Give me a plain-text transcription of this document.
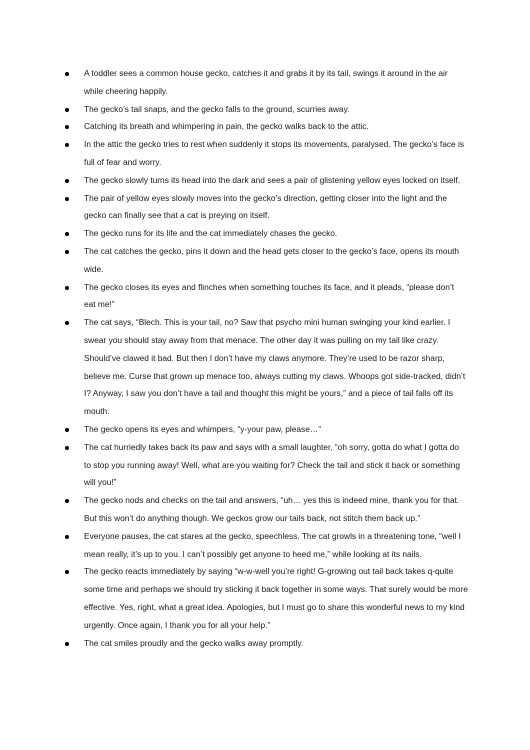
A toddler sees a common house gecko, catches it and grabs it by its tail, swings it around in the air while cheering happily.
The gecko’s tail snaps, and the gecko falls to the ground, scurries away.
Catching its breath and whimpering in pain, the gecko walks back to the attic.
In the attic the gecko tries to rest when suddenly it stops its movements, paralysed. The gecko’s face is full of fear and worry.
The gecko slowly turns its head into the dark and sees a pair of glistening yellow eyes locked on itself.
The pair of yellow eyes slowly moves into the gecko’s direction, getting closer into the light and the gecko can finally see that a cat is preying on itself.
The gecko runs for its life and the cat immediately chases the gecko.
The cat catches the gecko, pins it down and the head gets closer to the gecko’s face, opens its mouth wide.
The gecko closes its eyes and flinches when something touches its face, and it pleads, “please don’t eat me!”
The cat says, “Blech. This is your tail, no? Saw that psycho mini human swinging your kind earlier. I swear you should stay away from that menace. The other day it was pulling on my tail like crazy. Should’ve clawed it bad. But then I don’t have my claws anymore. They’re used to be razor sharp, believe me. Curse that grown up menace too, always cutting my claws. Whoops got side-tracked, didn’t I? Anyway, I saw you don’t have a tail and thought this might be yours,” and a piece of tail falls off its mouth.
The gecko opens its eyes and whimpers, “y-your paw, please…”
The cat hurriedly takes back its paw and says with a small laughter, “oh sorry, gotta do what I gotta do to stop you running away! Well, what are you waiting for? Check the tail and stick it back or something will you!”
The gecko nods and checks on the tail and answers, “uh… yes this is indeed mine, thank you for that. But this won’t do anything though. We geckos grow our tails back, not stitch them back up.”
Everyone pauses, the cat stares at the gecko, speechless. The cat growls in a threatening tone, “well I mean really, it’s up to you. I can’t possibly get anyone to heed me,” while looking at its nails.
The gecko reacts immediately by saying “w-w-well you’re right! G-growing out tail back takes q-quite some time and perhaps we should try sticking it back together in some ways. That surely would be more effective. Yes, right, what a great idea. Apologies, but I must go to share this wonderful news to my kind urgently. Once again, I thank you for all your help.”
The cat smiles proudly and the gecko walks away promptly.
